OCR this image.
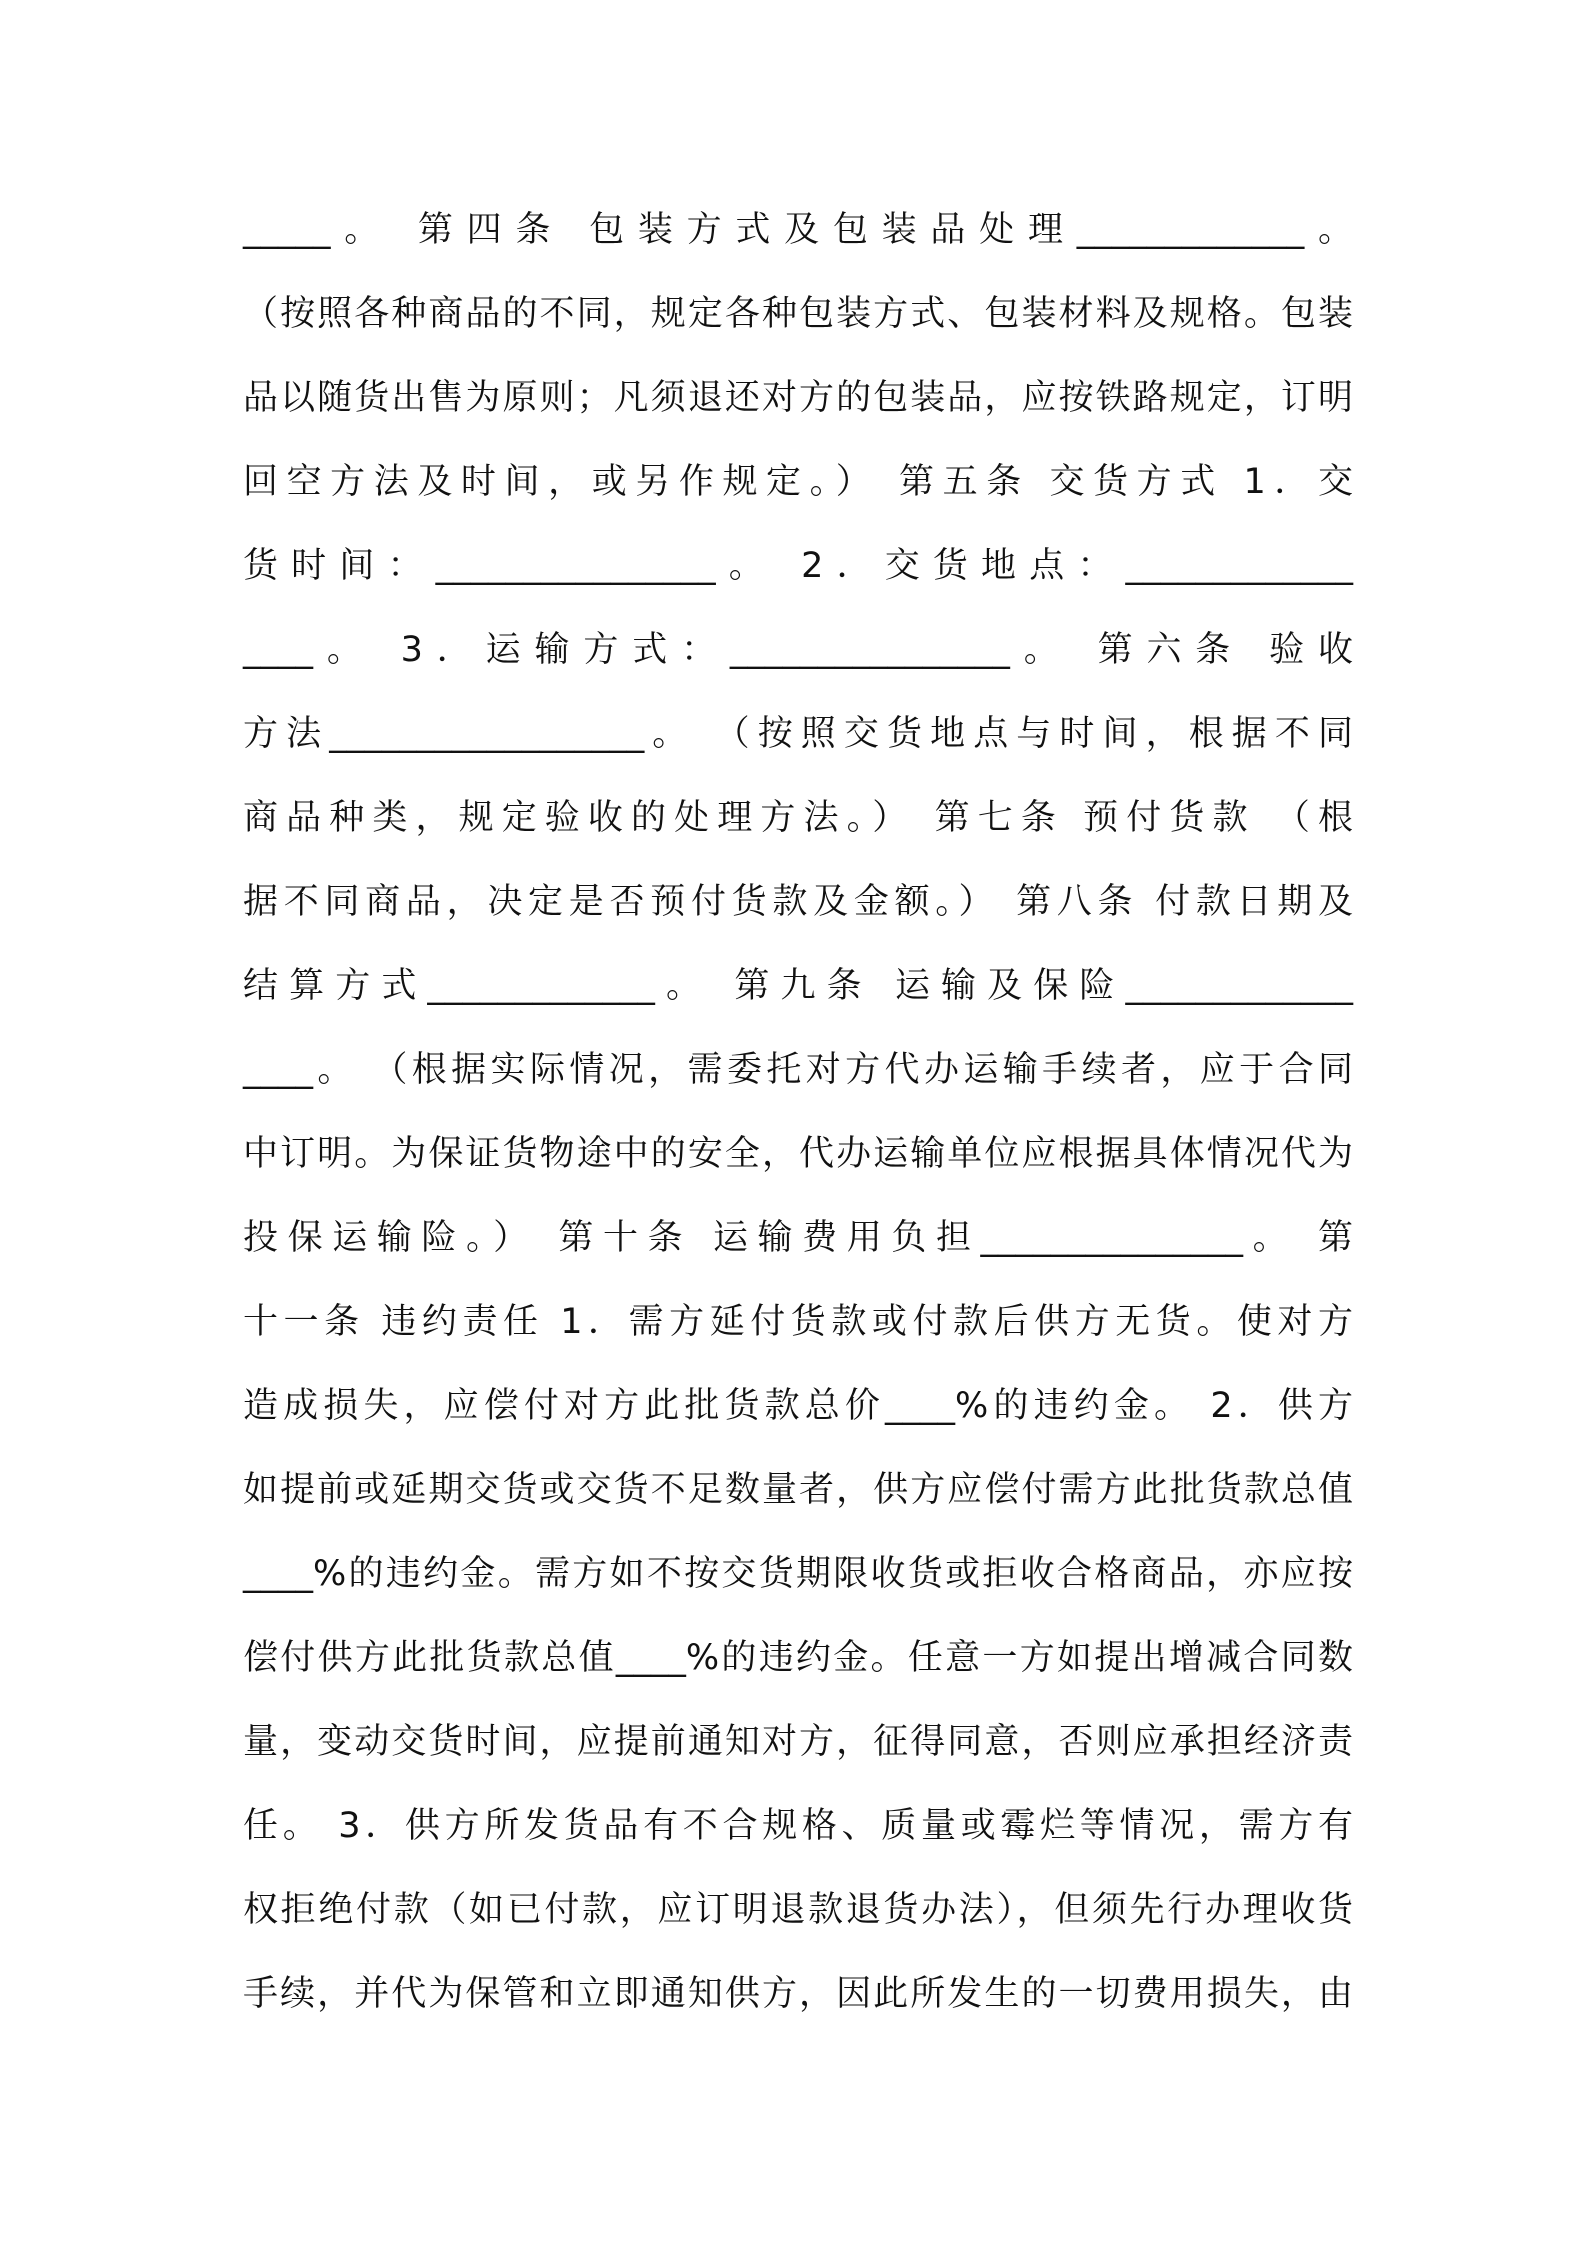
_____。 第四条 包装方式及包装品处理_____________。
（按照各种商品的不同，规定各种包装方式、包装材料及规格。包装
品以随货出售为原则；凡须退还对方的包装品，应按铁路规定，订明
回空方法及时间，或另作规定。） 第五条 交货方式 1．交
货时间：________________。 2．交货地点：_____________
____。 3．运输方式：________________。 第六条 验收
方法__________________。 （按照交货地点与时间，根据不同
商品种类，规定验收的处理方法。） 第七条 预付货款 （根
据不同商品，决定是否预付货款及金额。） 第八条 付款日期及
结算方式_____________。 第九条 运输及保险_____________
____。 （根据实际情况，需委托对方代办运输手续者，应于合同
中订明。为保证货物途中的安全，代办运输单位应根据具体情况代为
投保运输险。） 第十条 运输费用负担_______________。 第
十一条 违约责任 1．需方延付货款或付款后供方无货。使对方
造成损失，应偿付对方此批货款总价____%的违约金。 2．供方
如提前或延期交货或交货不足数量者，供方应偿付需方此批货款总值
____%的违约金。需方如不按交货期限收货或拒收合格商品，亦应按
偿付供方此批货款总值____%的违约金。任意一方如提出增减合同数
量，变动交货时间，应提前通知对方，征得同意，否则应承担经济责
任。 3．供方所发货品有不合规格、质量或霉烂等情况，需方有
权拒绝付款（如已付款，应订明退款退货办法），但须先行办理收货
手续，并代为保管和立即通知供方，因此所发生的一切费用损失，由
